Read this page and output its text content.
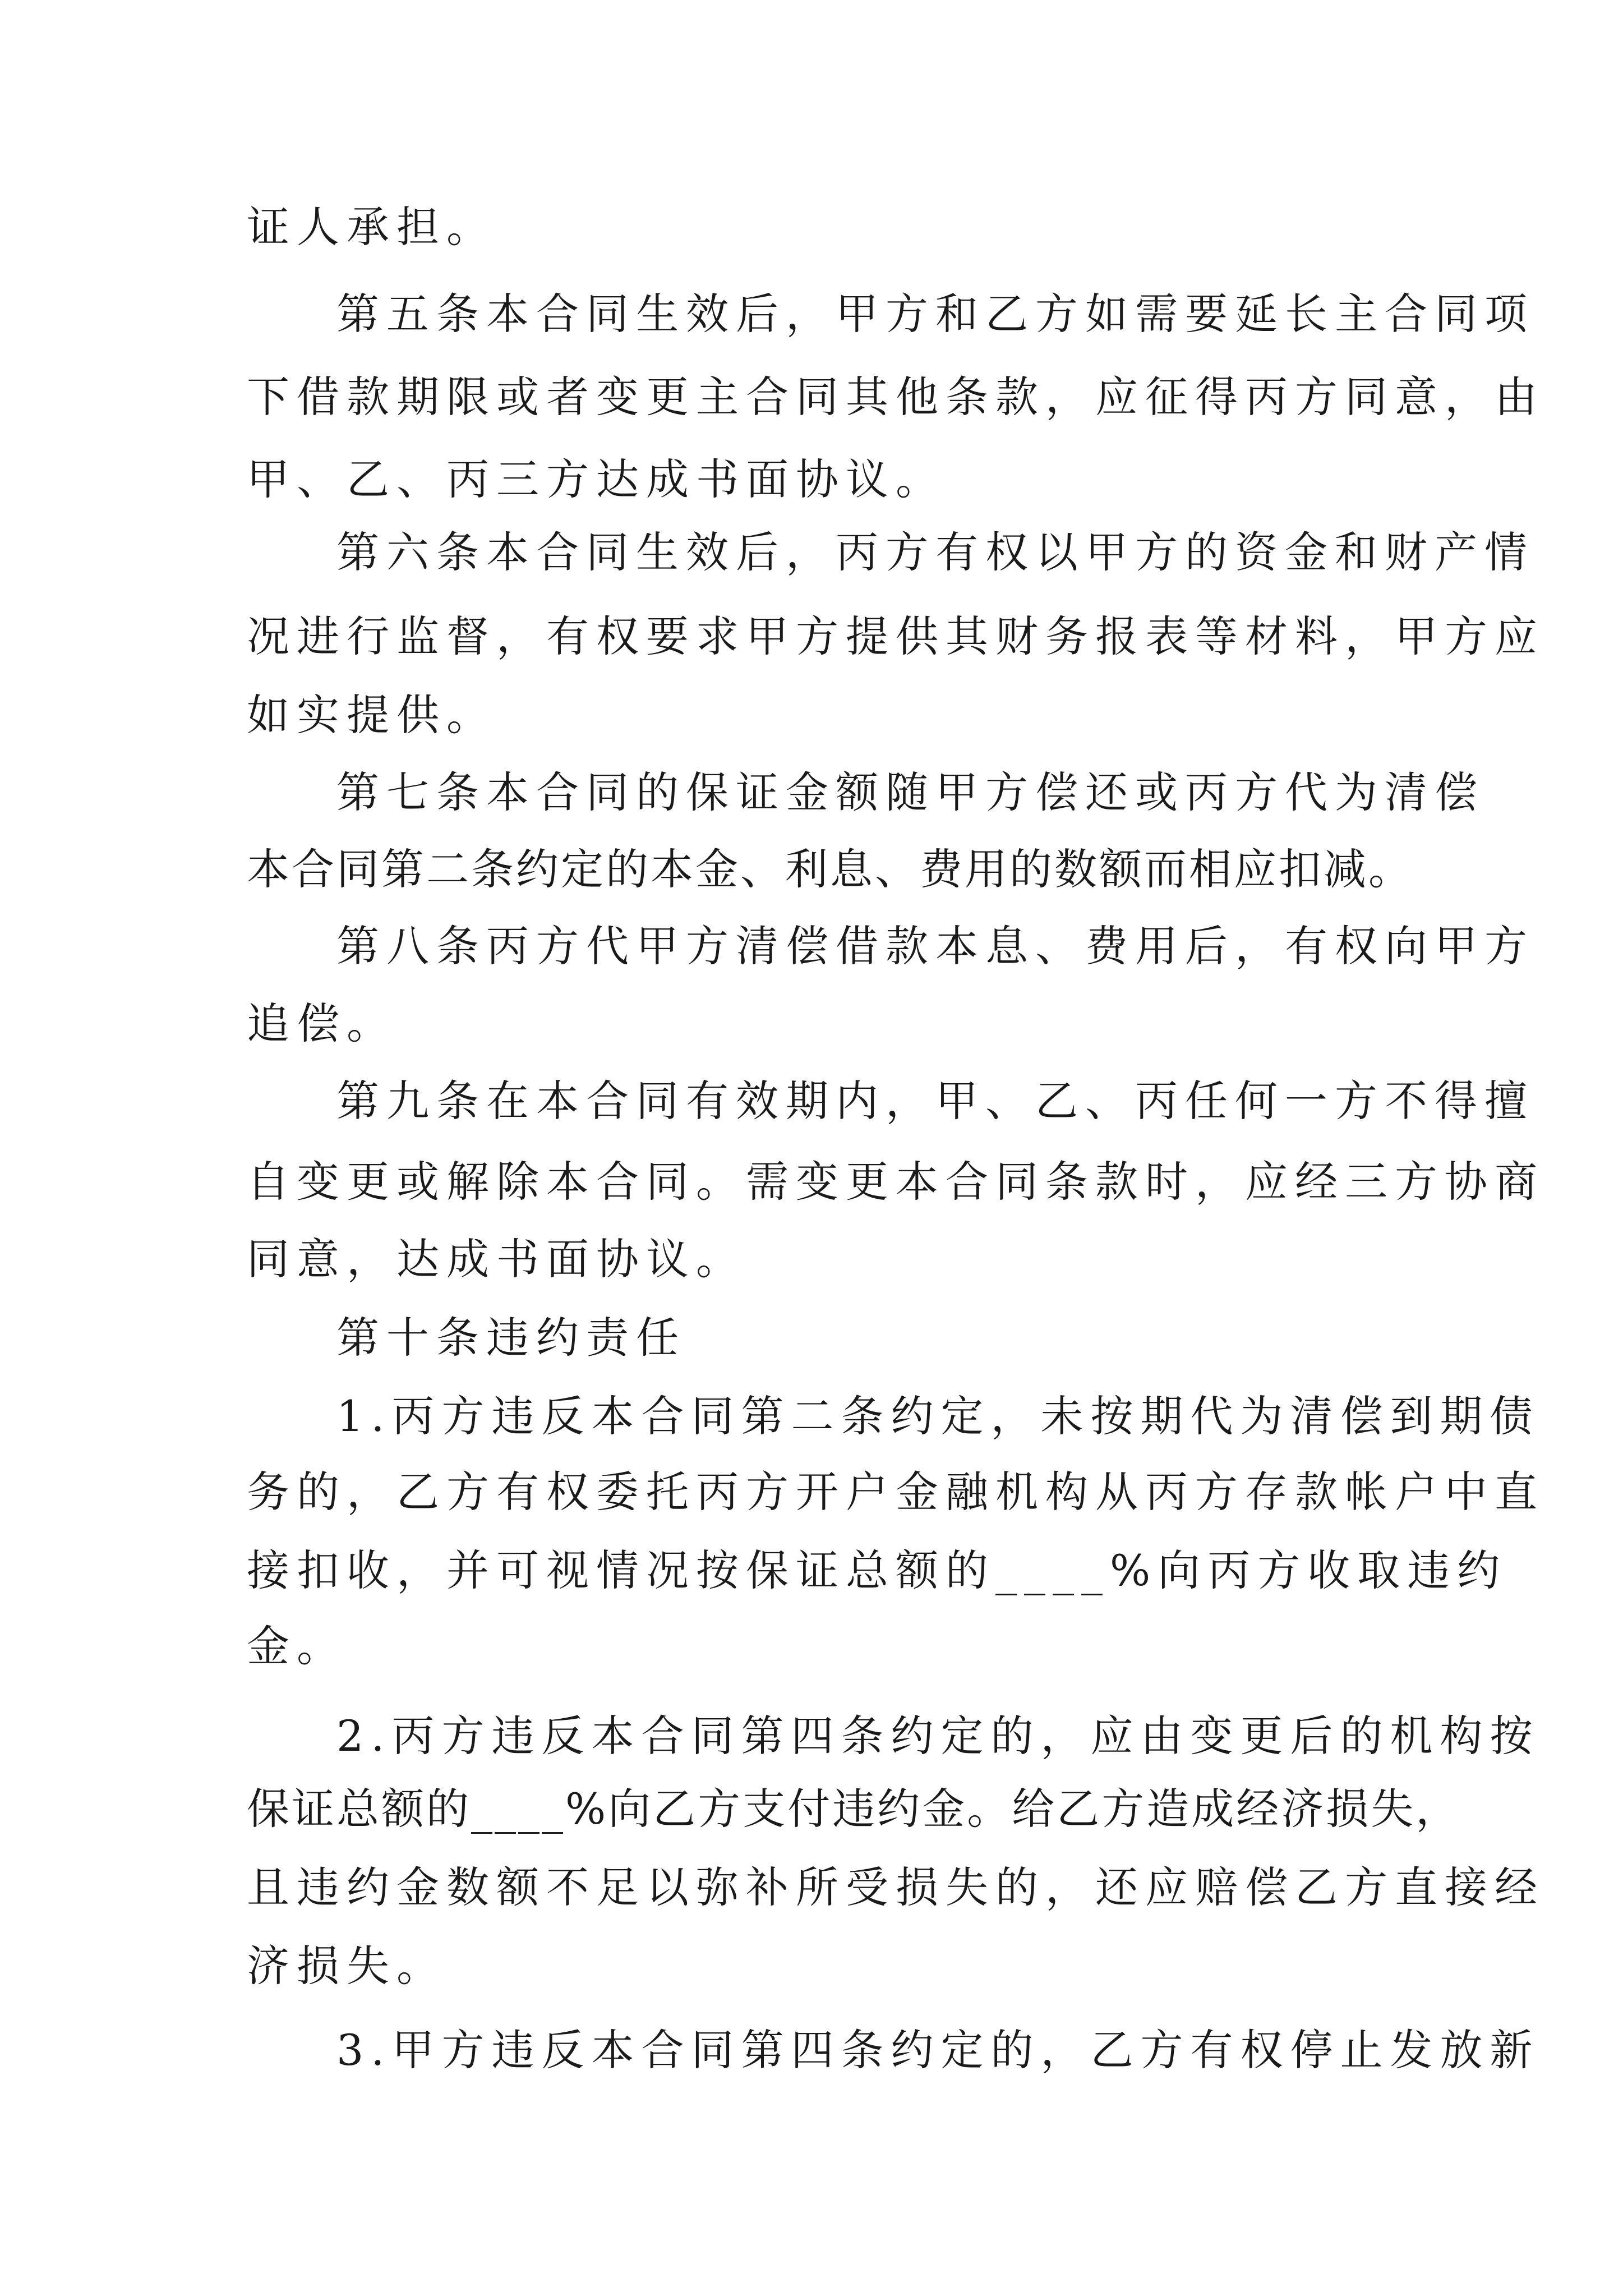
证人承担。
第五条本合同生效后，甲方和乙方如需要延长主合同项
下借款期限或者变更主合同其他条款，应征得丙方同意，由
甲、乙、丙三方达成书面协议。
第六条本合同生效后，丙方有权以甲方的资金和财产情
况进行监督，有权要求甲方提供其财务报表等材料，甲方应
如实提供。
第七条本合同的保证金额随甲方偿还或丙方代为清偿
本合同第二条约定的本金、利息、费用的数额而相应扣减。
第八条丙方代甲方清偿借款本息、费用后，有权向甲方
追偿。
第九条在本合同有效期内，甲、乙、丙任何一方不得擅
自变更或解除本合同。需变更本合同条款时，应经三方协商
同意，达成书面协议。
第十条违约责任
1.丙方违反本合同第二条约定，未按期代为清偿到期债
务的，乙方有权委托丙方开户金融机构从丙方存款帐户中直
接扣收，并可视情况按保证总额的____%向丙方收取违约
金。
2.丙方违反本合同第四条约定的，应由变更后的机构按
保证总额的____%向乙方支付违约金。给乙方造成经济损失，
且违约金数额不足以弥补所受损失的，还应赔偿乙方直接经
济损失。
3.甲方违反本合同第四条约定的，乙方有权停止发放新
